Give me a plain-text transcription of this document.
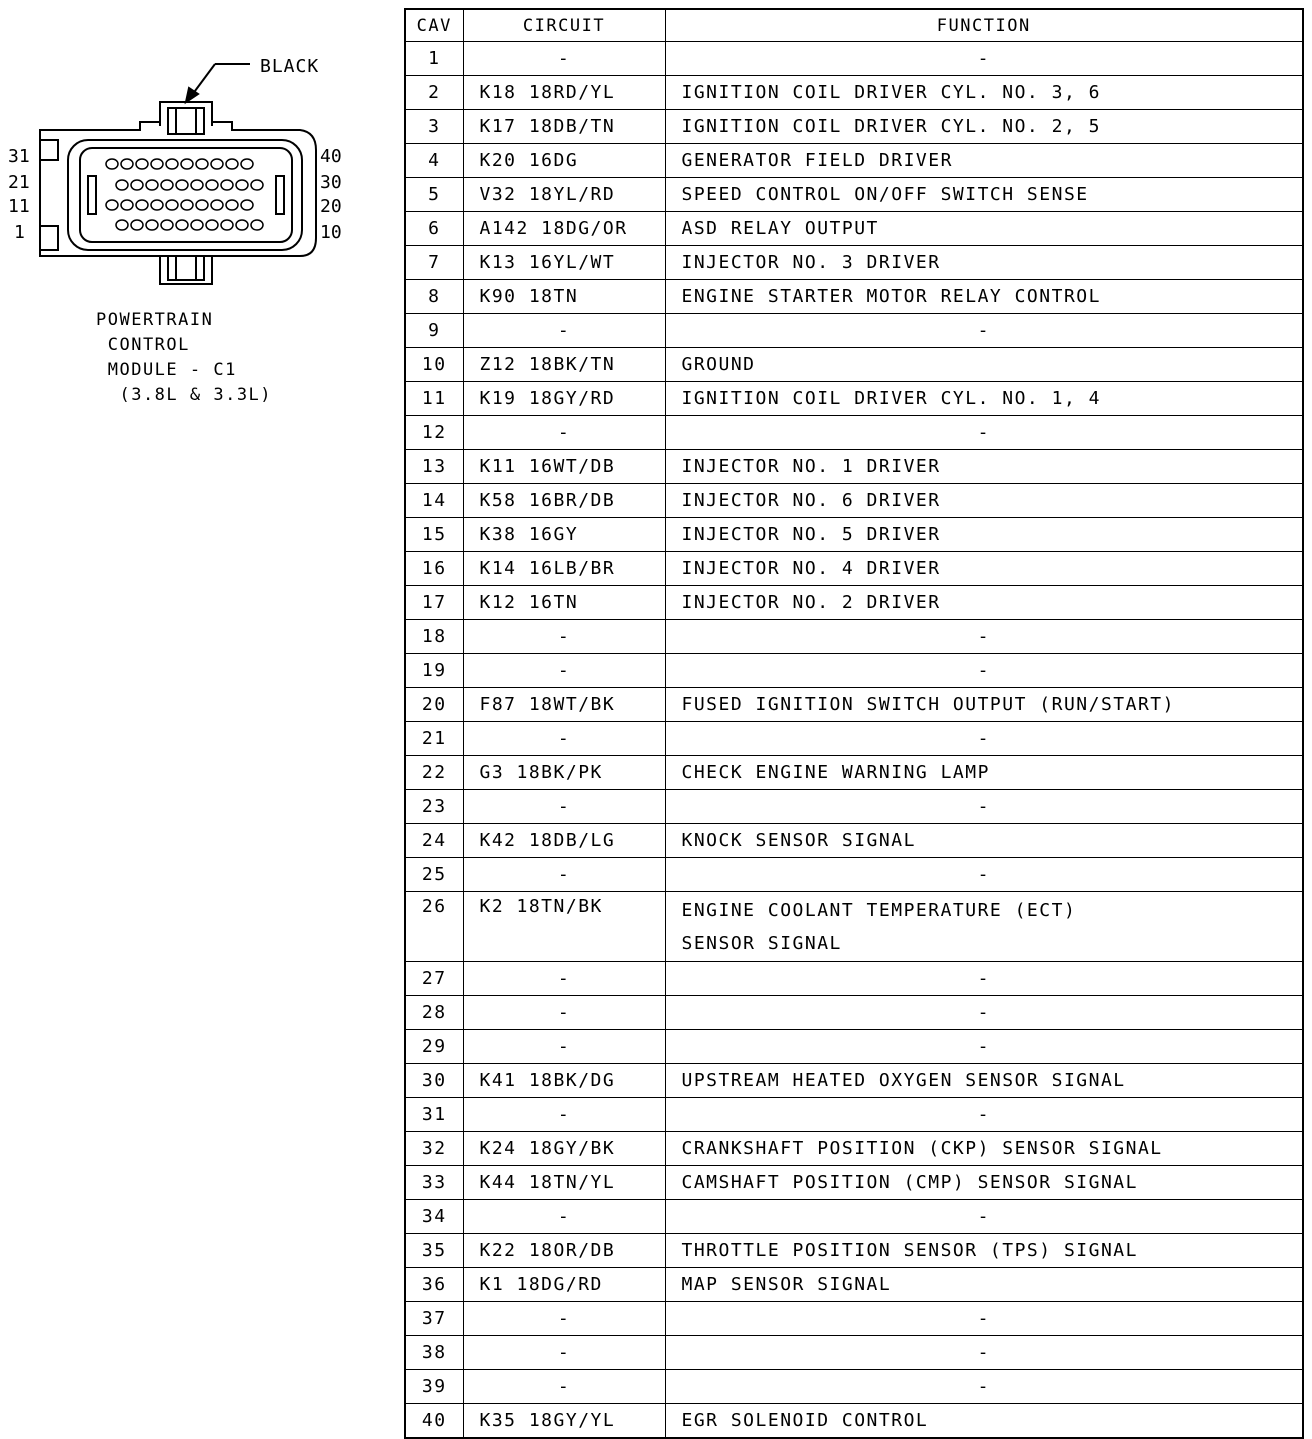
BLACK
31
21
11
1
40
30
20
10
POWERTRAIN
CONTROL
MODULE - C1
(3.8L & 3.3L)
CAV	CIRCUIT	FUNCTION
1	-	-
2	K18 18RD/YL	IGNITION COIL DRIVER CYL. NO. 3, 6
3	K17 18DB/TN	IGNITION COIL DRIVER CYL. NO. 2, 5
4	K20 16DG	GENERATOR FIELD DRIVER
5	V32 18YL/RD	SPEED CONTROL ON/OFF SWITCH SENSE
6	A142 18DG/OR	ASD RELAY OUTPUT
7	K13 16YL/WT	INJECTOR NO. 3 DRIVER
8	K90 18TN	ENGINE STARTER MOTOR RELAY CONTROL
9	-	-
10	Z12 18BK/TN	GROUND
11	K19 18GY/RD	IGNITION COIL DRIVER CYL. NO. 1, 4
12	-	-
13	K11 16WT/DB	INJECTOR NO. 1 DRIVER
14	K58 16BR/DB	INJECTOR NO. 6 DRIVER
15	K38 16GY	INJECTOR NO. 5 DRIVER
16	K14 16LB/BR	INJECTOR NO. 4 DRIVER
17	K12 16TN	INJECTOR NO. 2 DRIVER
18	-	-
19	-	-
20	F87 18WT/BK	FUSED IGNITION SWITCH OUTPUT (RUN/START)
21	-	-
22	G3 18BK/PK	CHECK ENGINE WARNING LAMP
23	-	-
24	K42 18DB/LG	KNOCK SENSOR SIGNAL
25	-	-
26	K2 18TN/BK	ENGINE COOLANT TEMPERATURE (ECT)
SENSOR SIGNAL

27	-	-
28	-	-
29	-	-
30	K41 18BK/DG	UPSTREAM HEATED OXYGEN SENSOR SIGNAL
31	-	-
32	K24 18GY/BK	CRANKSHAFT POSITION (CKP) SENSOR SIGNAL
33	K44 18TN/YL	CAMSHAFT POSITION (CMP) SENSOR SIGNAL
34	-	-
35	K22 18OR/DB	THROTTLE POSITION SENSOR (TPS) SIGNAL
36	K1 18DG/RD	MAP SENSOR SIGNAL
37	-	-
38	-	-
39	-	-
40	K35 18GY/YL	EGR SOLENOID CONTROL
